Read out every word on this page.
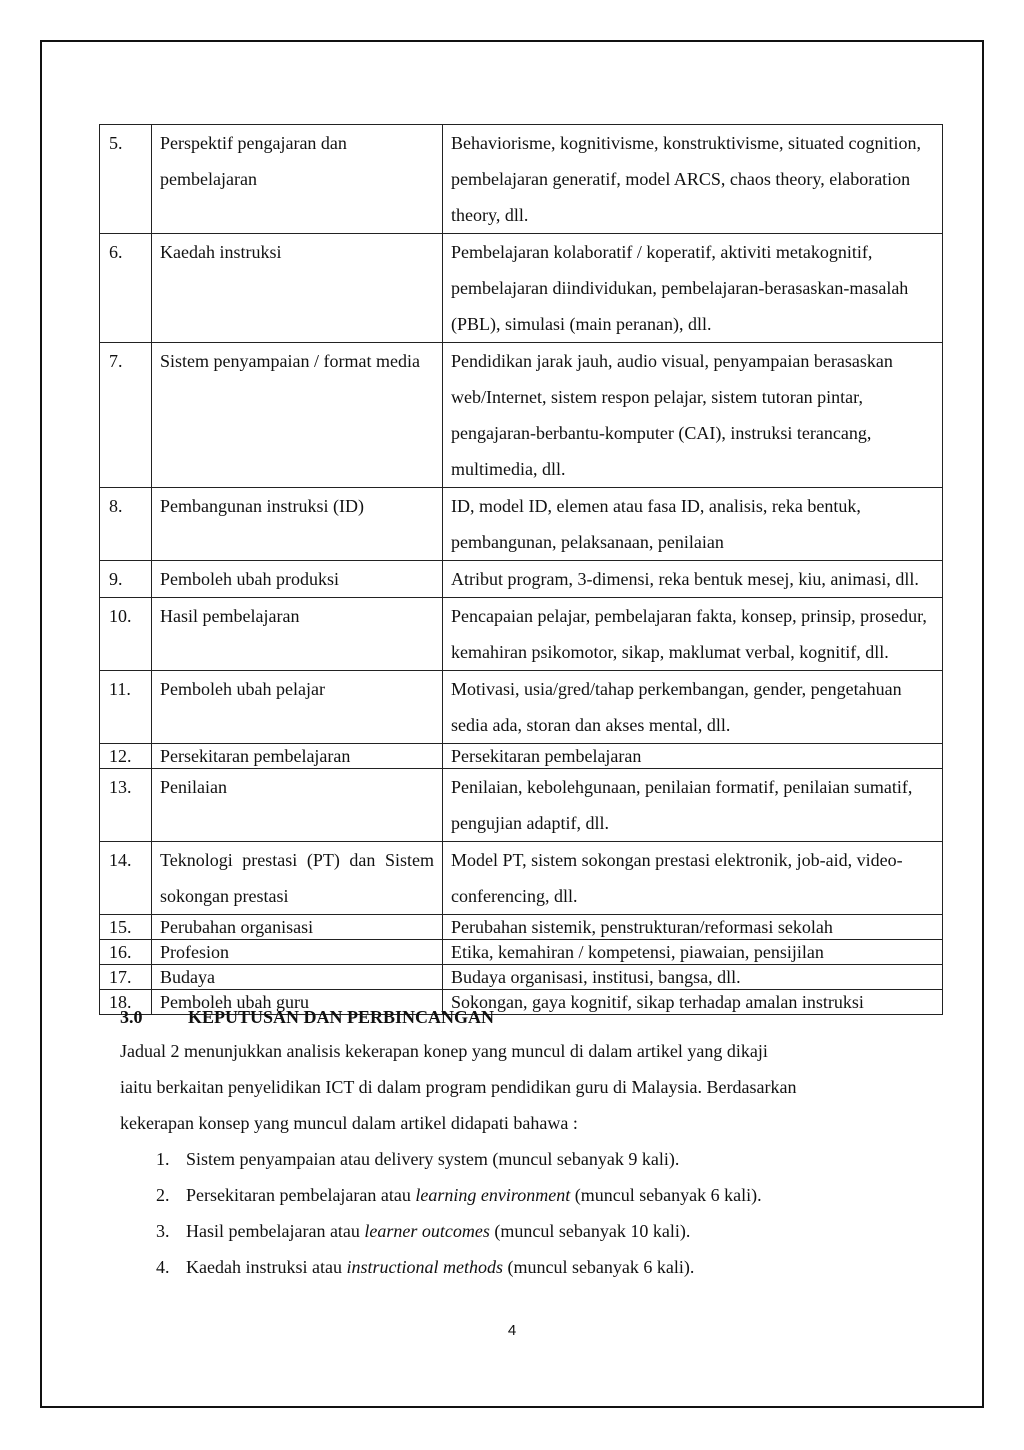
5.	Perspektif pengajaran dan pembelajaran	Behaviorisme, kognitivisme, konstruktivisme, situated cognition, pembelajaran generatif, model ARCS, chaos theory, elaboration theory, dll.
6.	Kaedah instruksi	Pembelajaran kolaboratif / koperatif, aktiviti metakognitif, pembelajaran diindividukan, pembelajaran-berasaskan-masalah (PBL), simulasi (main peranan), dll.
7.	Sistem penyampaian / format media	Pendidikan jarak jauh, audio visual, penyampaian berasaskan web/Internet, sistem respon pelajar, sistem tutoran pintar, pengajaran-berbantu-komputer (CAI), instruksi terancang, multimedia, dll.
8.	Pembangunan instruksi (ID)	ID, model ID, elemen atau fasa ID, analisis, reka bentuk, pembangunan, pelaksanaan, penilaian
9.	Pemboleh ubah produksi	Atribut program, 3-dimensi, reka bentuk mesej, kiu, animasi, dll.
10.	Hasil pembelajaran	Pencapaian pelajar, pembelajaran fakta, konsep, prinsip, prosedur, kemahiran psikomotor, sikap, maklumat verbal, kognitif, dll.
11.	Pemboleh ubah pelajar	Motivasi, usia/gred/tahap perkembangan, gender, pengetahuan sedia ada, storan dan akses mental, dll.
12.	Persekitaran pembelajaran	Persekitaran pembelajaran
13.	Penilaian	Penilaian, kebolehgunaan, penilaian formatif, penilaian sumatif, pengujian adaptif, dll.
14.	Teknologi prestasi (PT) dan Sistem sokongan prestasi	Model PT, sistem sokongan prestasi elektronik, job-aid, video-conferencing, dll.
15.	Perubahan organisasi	Perubahan sistemik, penstrukturan/reformasi sekolah
16.	Profesion	Etika, kemahiran / kompetensi, piawaian, pensijilan
17.	Budaya	Budaya organisasi, institusi, bangsa, dll.
18.	Pemboleh ubah guru	Sokongan, gaya kognitif, sikap terhadap amalan instruksi
3.0	KEPUTUSAN DAN PERBINCANGAN

Jadual 2 menunjukkan analisis kekerapan konep yang muncul di dalam artikel yang dikaji
iaitu berkaitan penyelidikan ICT di dalam program pendidikan guru di Malaysia. Berdasarkan
kekerapan konsep yang muncul dalam artikel didapati bahawa :

1. Sistem penyampaian atau delivery system (muncul sebanyak 9 kali).
2. Persekitaran pembelajaran atau learning environment (muncul sebanyak 6 kali).
3. Hasil pembelajaran atau learner outcomes (muncul sebanyak 10 kali).
4. Kaedah instruksi atau instructional methods (muncul sebanyak 6 kali).
4
